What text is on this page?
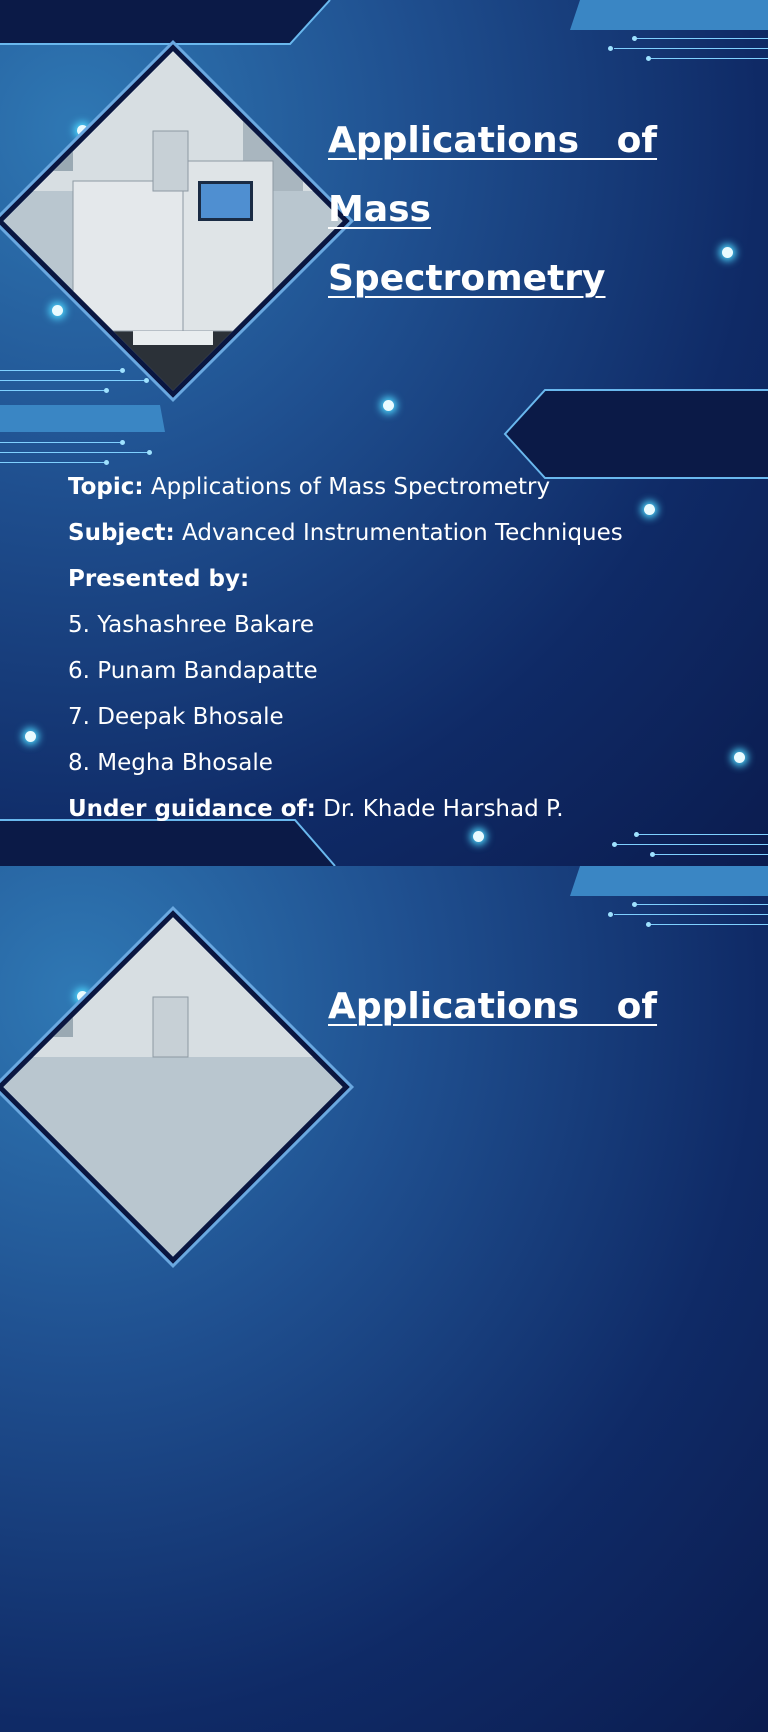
Applications   of
Mass
Spectrometry
Topic: Applications of Mass Spectrometry
Subject: Advanced Instrumentation Techniques
Presented by:
5. Yashashree Bakare
6. Punam Bandapatte
7. Deepak Bhosale
8. Megha Bhosale
Under guidance of: Dr. Khade Harshad P.
Applications   of
